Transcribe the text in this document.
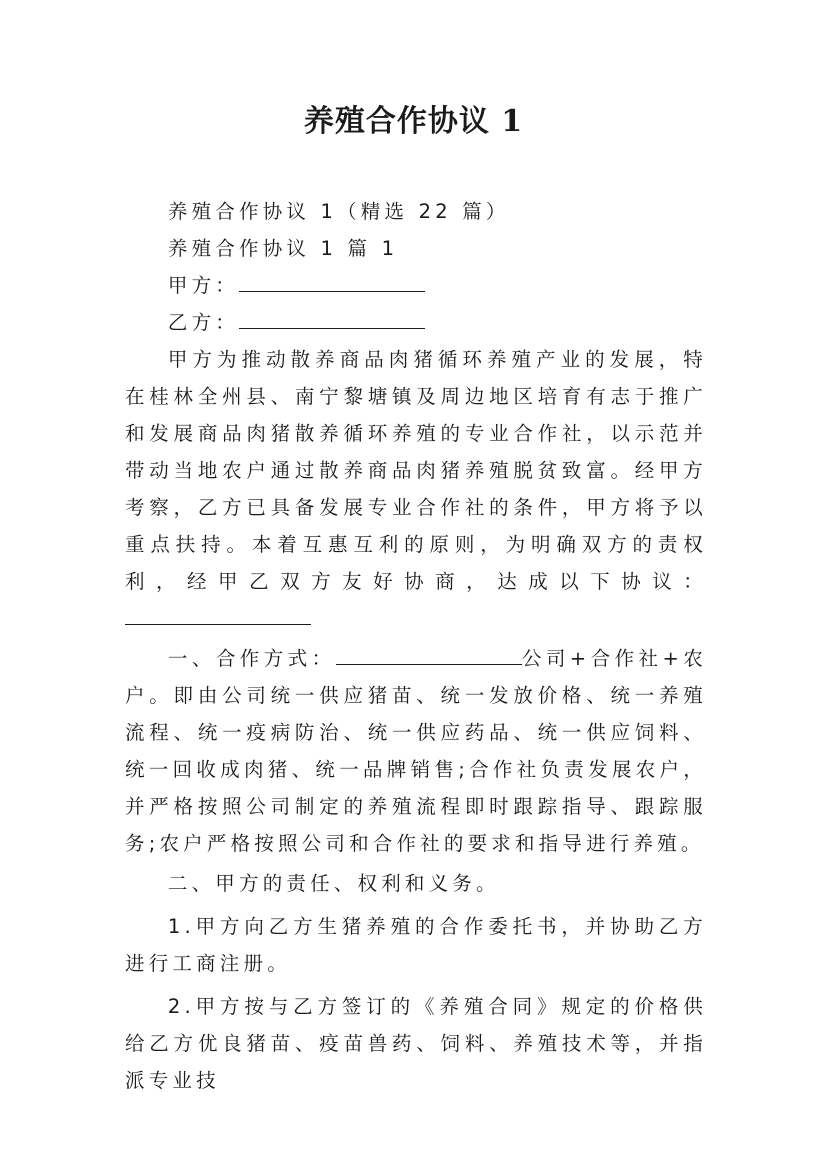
养殖合作协议 1

养殖合作协议 1（精选 22 篇）

养殖合作协议 1 篇 1

甲方：

乙方：

甲方为推动散养商品肉猪循环养殖产业的发展，特在桂林全州县、南宁黎塘镇及周边地区培育有志于推广和发展商品肉猪散养循环养殖的专业合作社，以示范并带动当地农户通过散养商品肉猪养殖脱贫致富。经甲方考察，乙方已具备发展专业合作社的条件，甲方将予以重点扶持。本着互惠互利的原则，为明确双方的责权利，经甲乙双方友好协商，达成以下协议：

一、合作方式：	公司+合作社+农户。即由公司统一供应猪苗、统一发放价格、统一养殖流程、统一疫病防治、统一供应药品、统一供应饲料、统一回收成肉猪、统一品牌销售;合作社负责发展农户，并严格按照公司制定的养殖流程即时跟踪指导、跟踪服务;农户严格按照公司和合作社的要求和指导进行养殖。

二、甲方的责任、权利和义务。

1.甲方向乙方生猪养殖的合作委托书，并协助乙方进行工商注册。

2.甲方按与乙方签订的《养殖合同》规定的价格供给乙方优良猪苗、疫苗兽药、饲料、养殖技术等，并指派专业技
